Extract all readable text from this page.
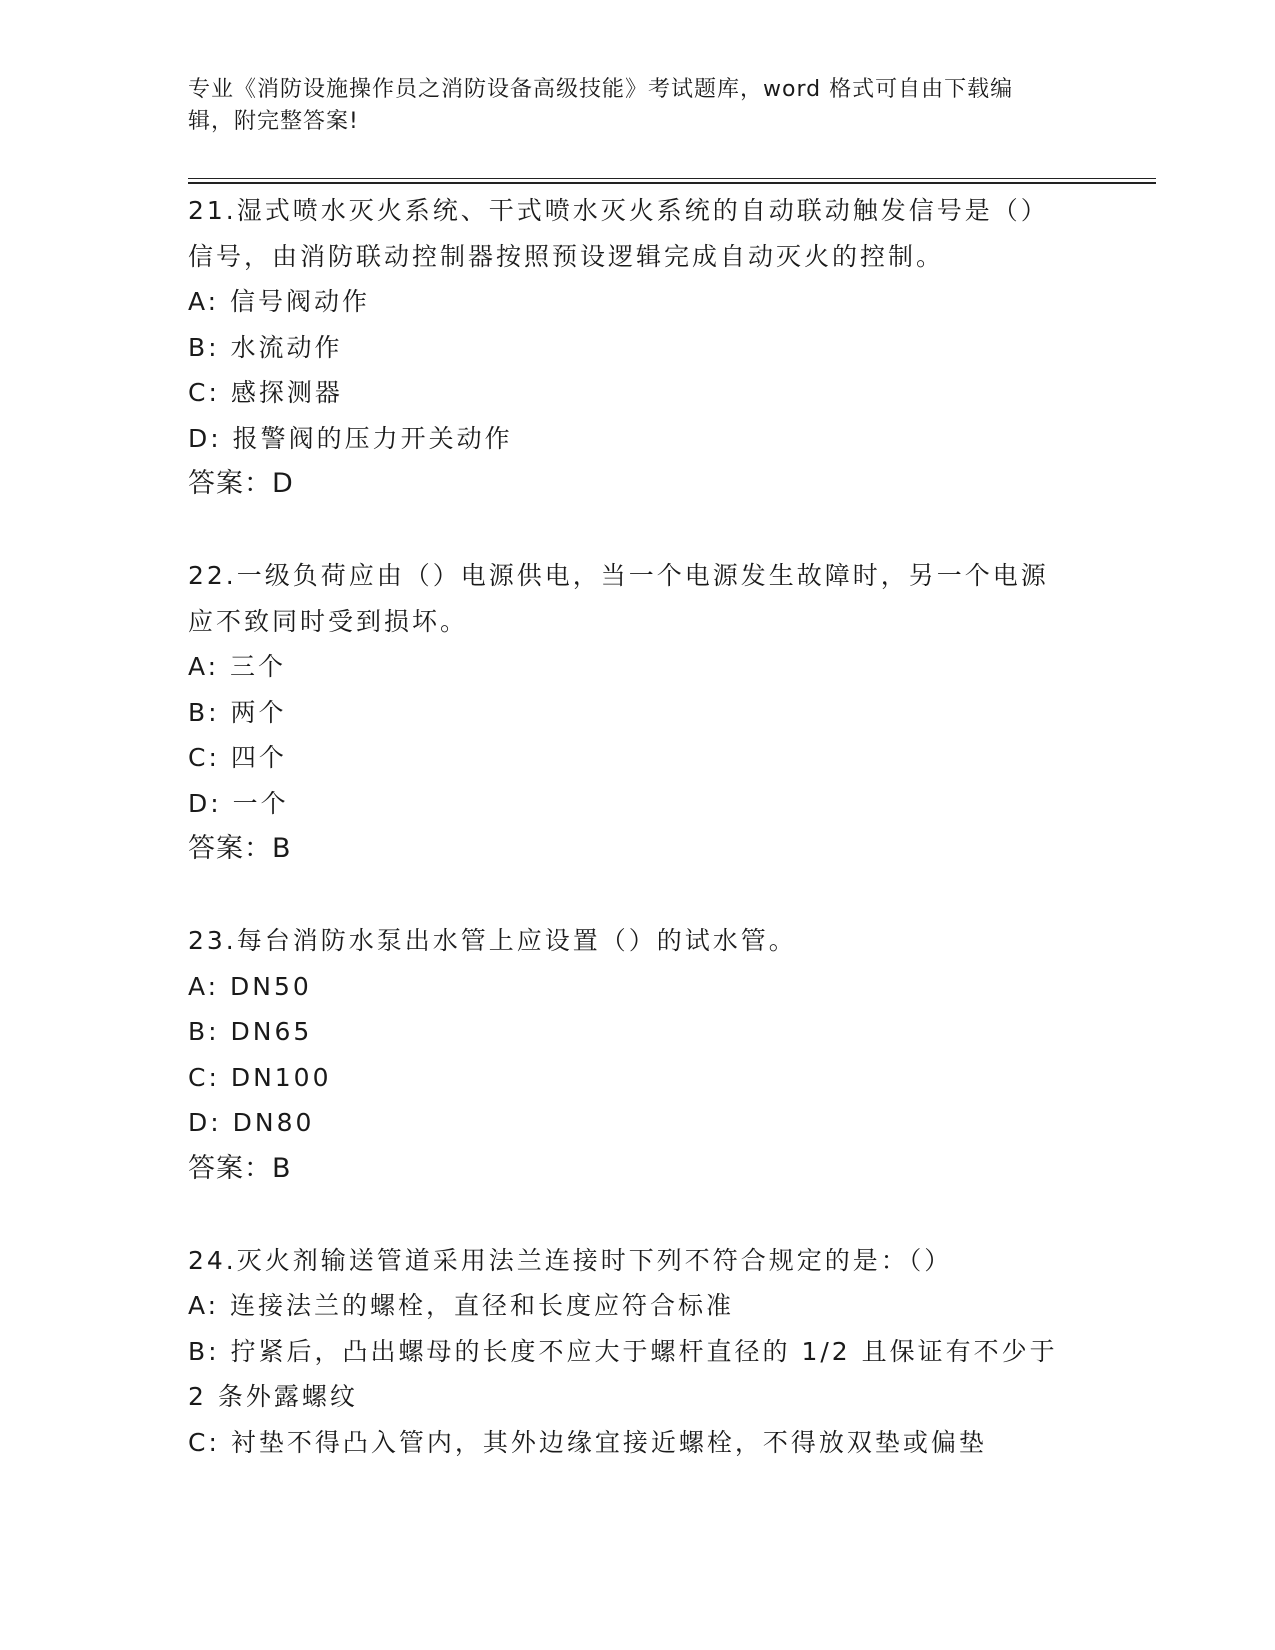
专业《消防设施操作员之消防设备高级技能》考试题库，word 格式可自由下载编
辑，附完整答案!
21.湿式喷水灭火系统、干式喷水灭火系统的自动联动触发信号是（）
信号，由消防联动控制器按照预设逻辑完成自动灭火的控制。
A: 信号阀动作
B: 水流动作
C: 感探测器
D: 报警阀的压力开关动作
答案：D
22.一级负荷应由（）电源供电，当一个电源发生故障时，另一个电源
应不致同时受到损坏。
A: 三个
B: 两个
C: 四个
D: 一个
答案：B
23.每台消防水泵出水管上应设置（）的试水管。
A: DN50
B: DN65
C: DN100
D: DN80
答案：B
24.灭火剂输送管道采用法兰连接时下列不符合规定的是：（）
A: 连接法兰的螺栓，直径和长度应符合标准
B: 拧紧后，凸出螺母的长度不应大于螺杆直径的 1/2 且保证有不少于
2 条外露螺纹
C: 衬垫不得凸入管内，其外边缘宜接近螺栓，不得放双垫或偏垫
